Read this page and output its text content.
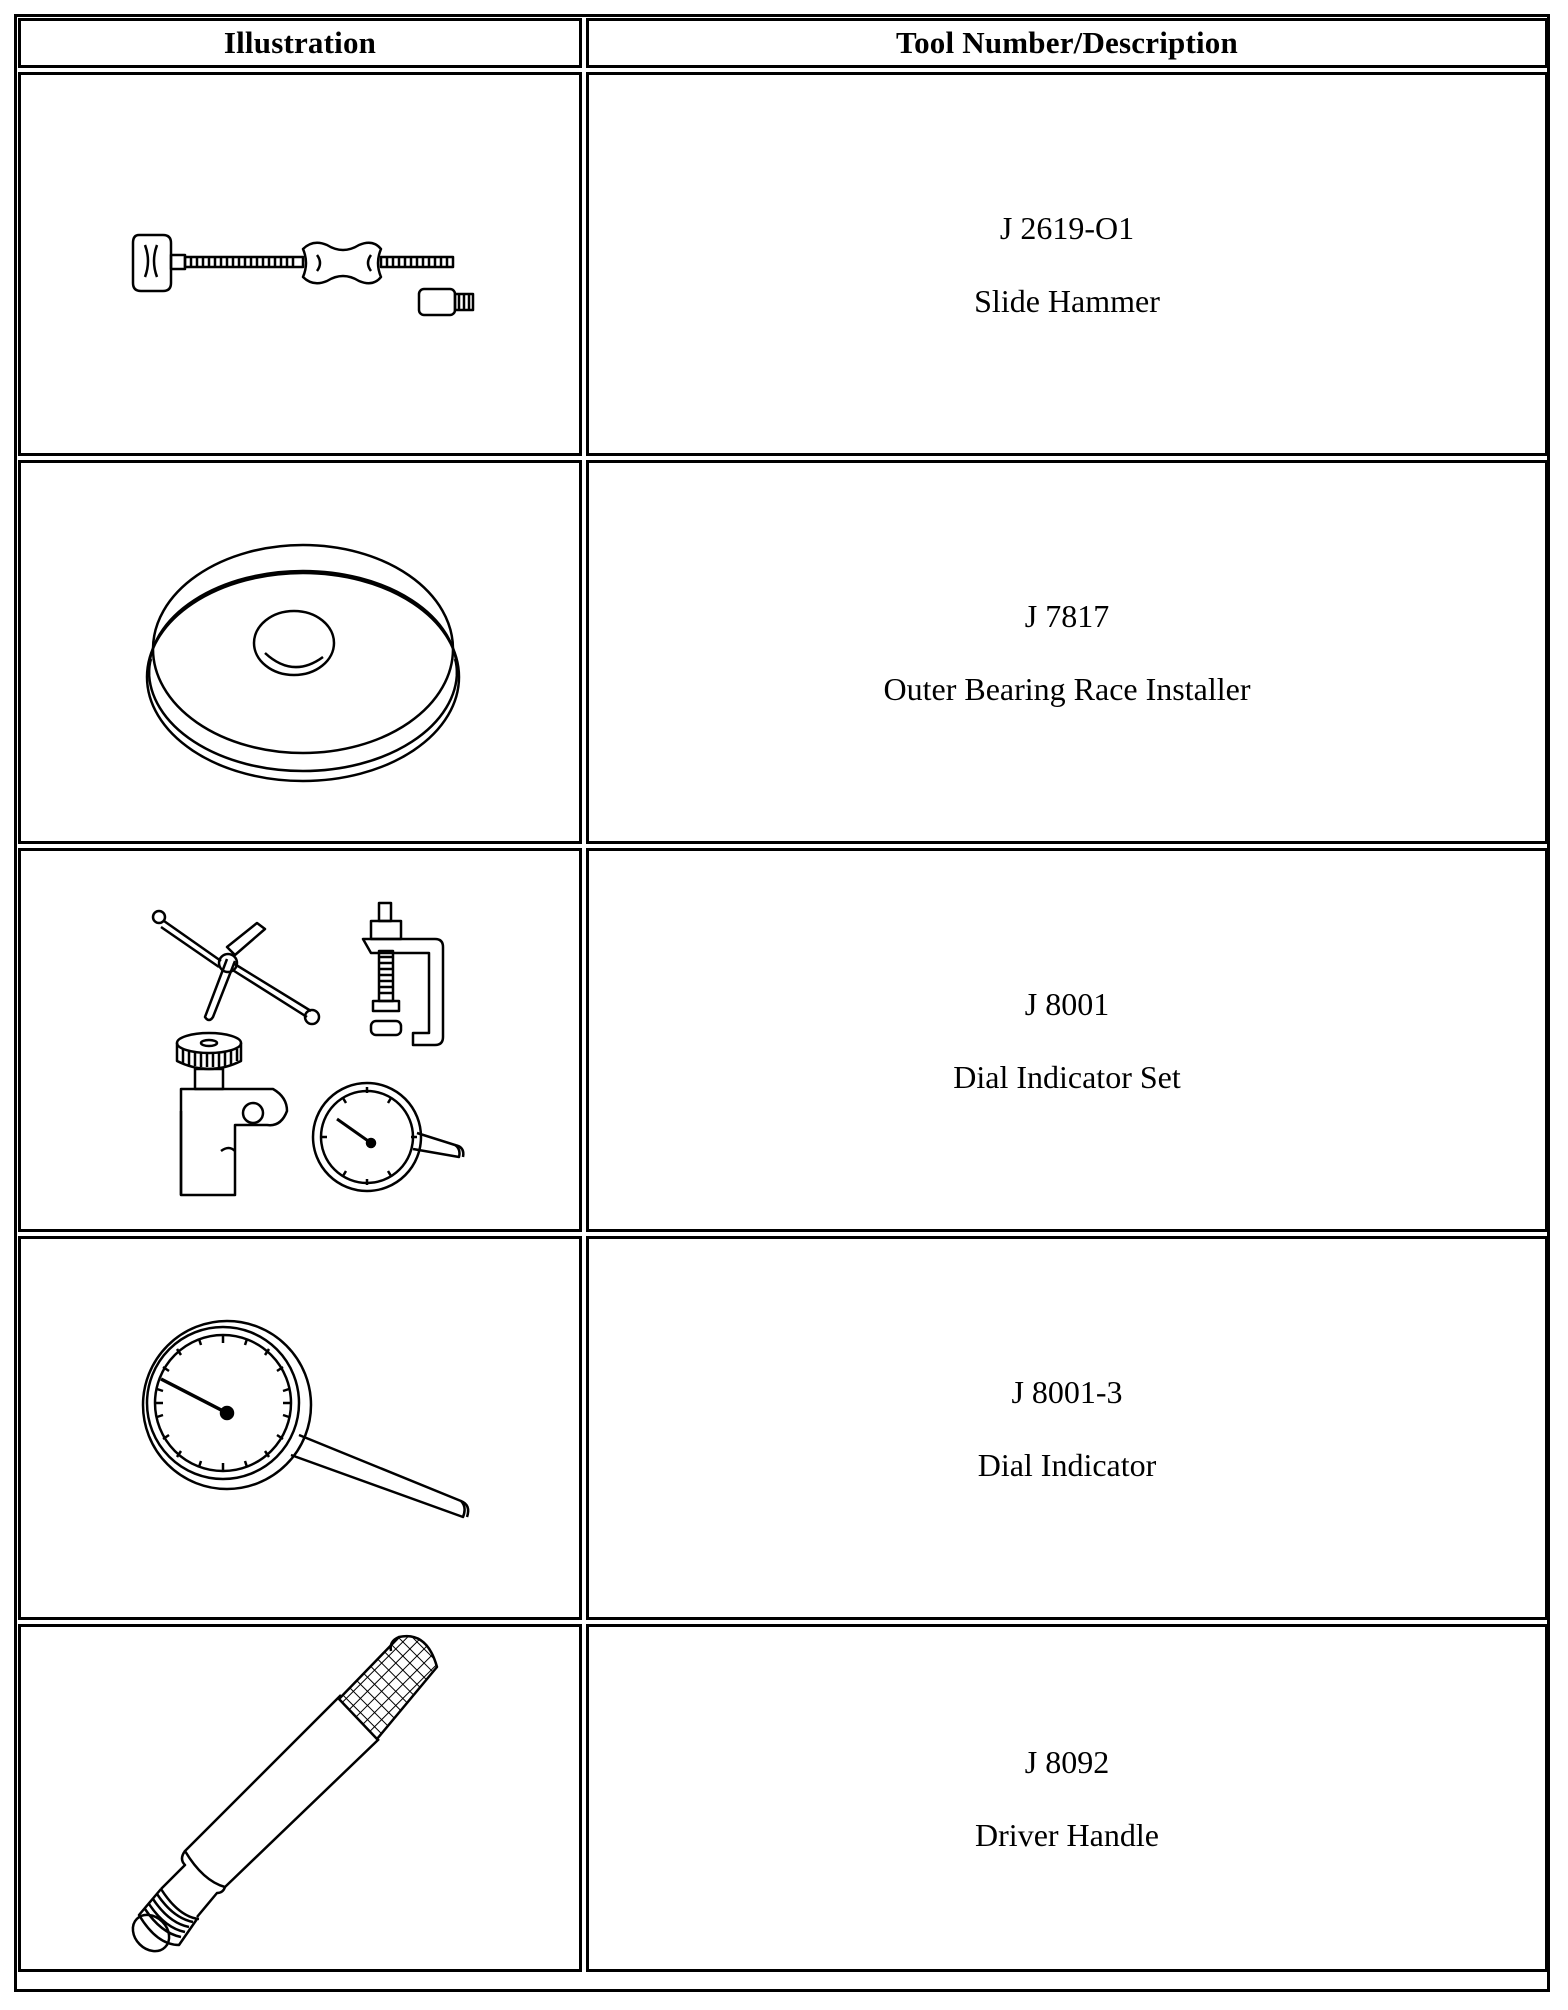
Illustration	Tool Number/Description
J 2619-O1
Slide Hammer
J 7817
Outer Bearing Race Installer
J 8001
Dial Indicator Set
J 8001-3
Dial Indicator
J 8092
Driver Handle
